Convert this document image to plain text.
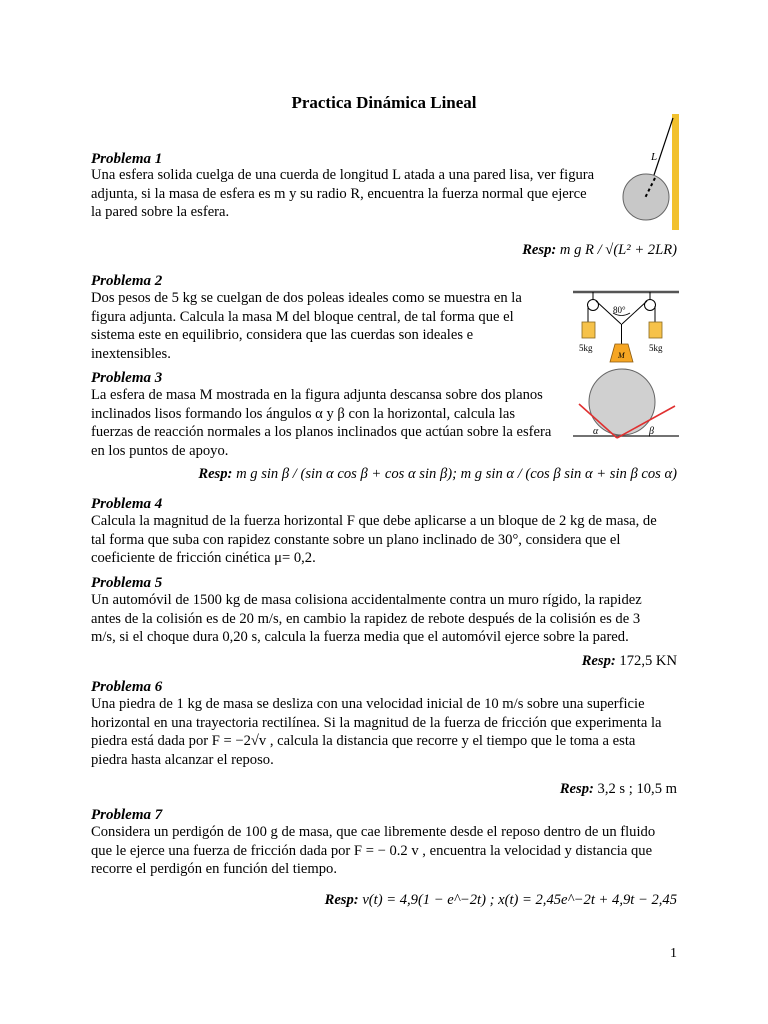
Practica Dinámica Lineal
Problema 1
Una esfera solida cuelga de una cuerda de longitud L atada a una pared lisa, ver figura
adjunta, si la masa de esfera es m y su radio R, encuentra la fuerza normal que ejerce
la pared sobre la esfera.
Resp: m g R / √(L² + 2LR)
L
Problema 2
Dos pesos de 5 kg se cuelgan de dos poleas ideales como se muestra en la
figura adjunta. Calcula la masa M del bloque central, de tal forma que el
sistema este en equilibrio, considera que las cuerdas son ideales e
inextensibles.
80°
5kg	5kg
M
Problema 3
La esfera de masa M mostrada en la figura adjunta descansa sobre dos planos
inclinados lisos formando los ángulos α y β con la horizontal, calcula las
fuerzas de reacción normales a los planos inclinados que actúan sobre la esfera
en los puntos de apoyo.
Resp: m g sin β / (sin α cos β + cos α sin β); m g sin α / (cos β sin α + sin β cos α)
α	β
Problema 4
Calcula la magnitud de la fuerza horizontal F que debe aplicarse a un bloque de 2 kg de masa, de
tal forma que suba con rapidez constante sobre un plano inclinado de 30°, considera que el
coeficiente de fricción cinética μ= 0,2.
Problema 5
Un automóvil de 1500 kg de masa colisiona accidentalmente contra un muro rígido, la rapidez
antes de la colisión es de 20 m/s, en cambio la rapidez de rebote después de la colisión es de 3
m/s, si el choque dura 0,20 s, calcula la fuerza media que el automóvil ejerce sobre la pared.
Resp: 172,5 KN
Problema 6
Una piedra de 1 kg de masa se desliza con una velocidad inicial de 10 m/s sobre una superficie
horizontal en una trayectoria rectilínea. Si la magnitud de la fuerza de fricción que experimenta la
piedra está dada por F = −2√v , calcula la distancia que recorre y el tiempo que le toma a esta
piedra hasta alcanzar el reposo.
Resp: 3,2 s ; 10,5 m
Problema 7
Considera un perdigón de 100 g de masa, que cae libremente desde el reposo dentro de un fluido
que le ejerce una fuerza de fricción dada por F = − 0.2 v , encuentra la velocidad y distancia que
recorre el perdigón en función del tiempo.
Resp: v(t) = 4,9(1 − e^−2t) ; x(t) = 2,45e^−2t + 4,9t − 2,45
1
